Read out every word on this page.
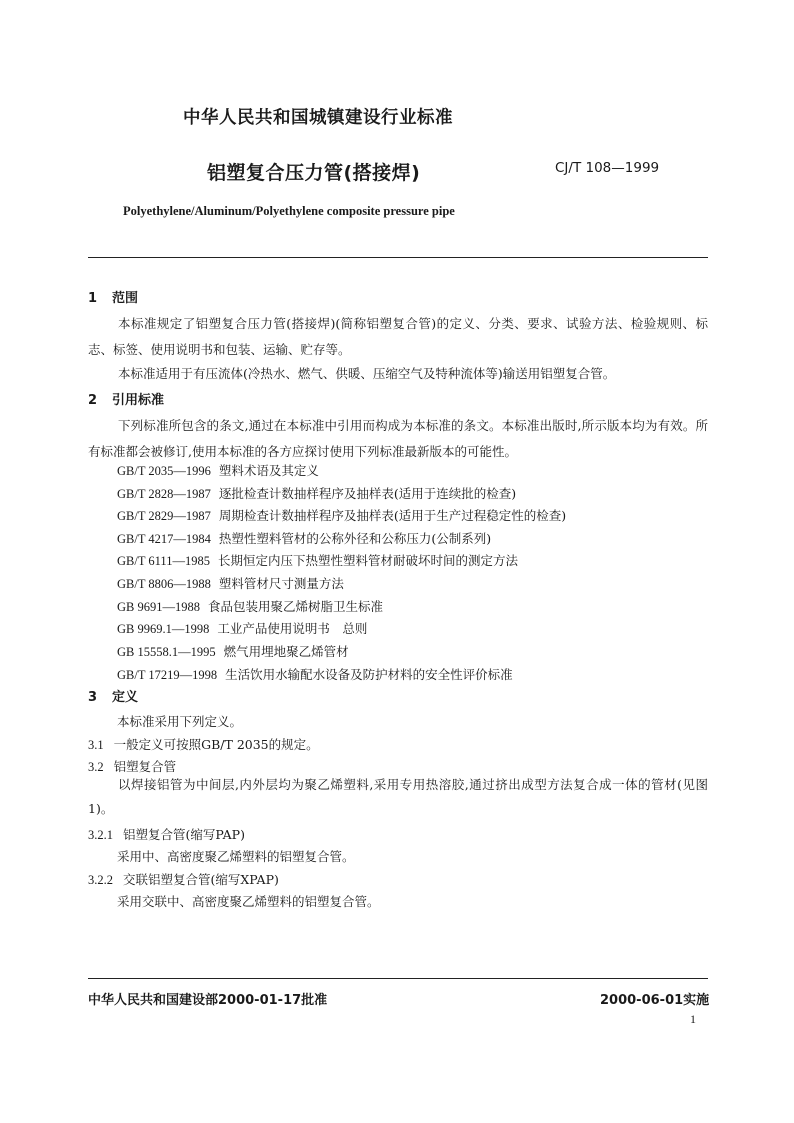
中华人民共和国城镇建设行业标准
铝塑复合压力管(搭接焊)	CJ/T 108—1999
Polyethylene/Aluminum/Polyethylene composite pressure pipe
1 范围

本标准规定了铝塑复合压力管(搭接焊)(简称铝塑复合管)的定义、分类、要求、试验方法、检验规则、标志、标签、使用说明书和包装、运输、贮存等。

本标准适用于有压流体(冷热水、燃气、供暖、压缩空气及特种流体等)输送用铝塑复合管。

2 引用标准

下列标准所包含的条文,通过在本标准中引用而构成为本标准的条文。本标准出版时,所示版本均为有效。所有标准都会被修订,使用本标准的各方应探讨使用下列标准最新版本的可能性。

GB/T 2035—1996 塑料术语及其定义
GB/T 2828—1987 逐批检查计数抽样程序及抽样表(适用于连续批的检查)
GB/T 2829—1987 周期检查计数抽样程序及抽样表(适用于生产过程稳定性的检查)
GB/T 4217—1984 热塑性塑料管材的公称外径和公称压力(公制系列)
GB/T 6111—1985 长期恒定内压下热塑性塑料管材耐破坏时间的测定方法
GB/T 8806—1988 塑料管材尺寸测量方法
GB 9691—1988 食品包装用聚乙烯树脂卫生标准
GB 9969.1—1998 工业产品使用说明书　总则
GB 15558.1—1995 燃气用埋地聚乙烯管材
GB/T 17219—1998 生活饮用水输配水设备及防护材料的安全性评价标准
3 定义
本标准采用下列定义。
3.1 一般定义可按照GB/T 2035的规定。
3.2 铝塑复合管

以焊接铝管为中间层,内外层均为聚乙烯塑料,采用专用热溶胶,通过挤出成型方法复合成一体的管材(见图1)。

3.2.1 铝塑复合管(缩写PAP)
采用中、高密度聚乙烯塑料的铝塑复合管。
3.2.2 交联铝塑复合管(缩写XPAP)
采用交联中、高密度聚乙烯塑料的铝塑复合管。
中华人民共和国建设部2000-01-17批准	2000-06-01实施
1
